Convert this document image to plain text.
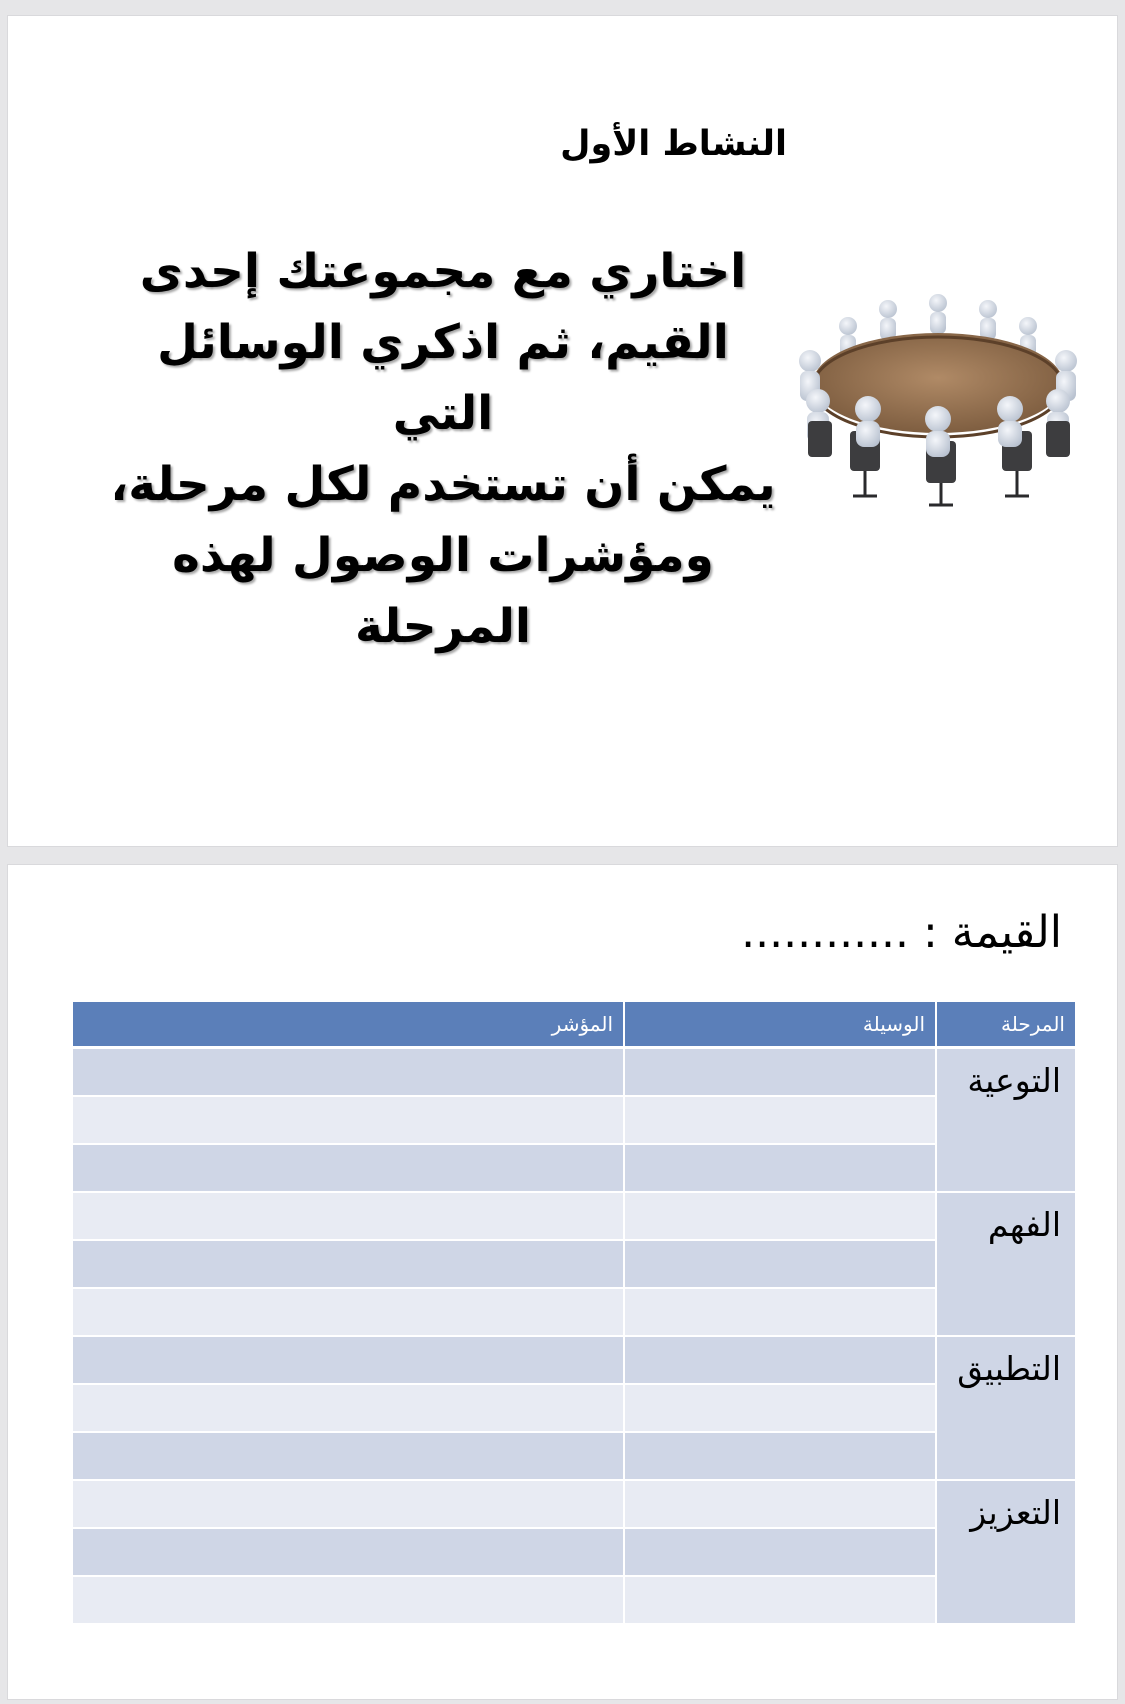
النشاط الأول
اختاري مع مجموعتك إحدى
القيم، ثم اذكري الوسائل التي
يمكن أن تستخدم لكل مرحلة،
ومؤشرات الوصول لهذه المرحلة
القيمة : ............
المرحلة	الوسيلة	المؤشر
التوعية		

الفهم		

التطبيق		

التعزيز		
